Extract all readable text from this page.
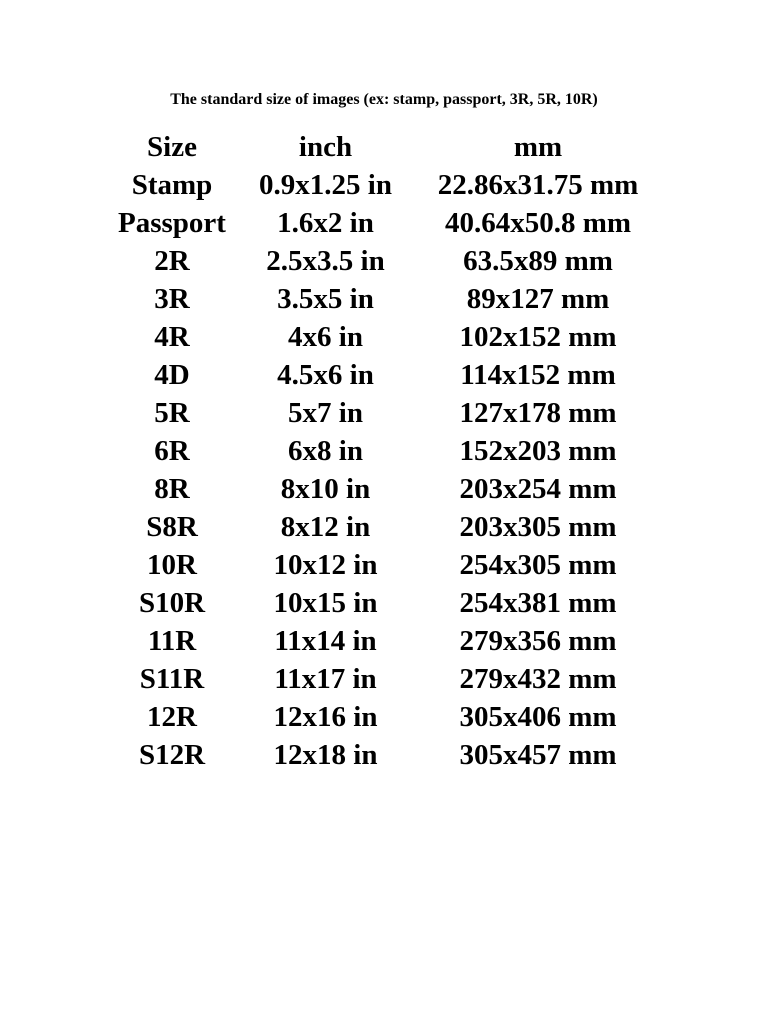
The standard size of images (ex: stamp, passport, 3R, 5R, 10R)
Size	inch	mm
Stamp	0.9x1.25 in	22.86x31.75 mm
Passport	1.6x2 in	40.64x50.8 mm
2R	2.5x3.5 in	63.5x89 mm
3R	3.5x5 in	89x127 mm
4R	4x6 in	102x152 mm
4D	4.5x6 in	114x152 mm
5R	5x7 in	127x178 mm
6R	6x8 in	152x203 mm
8R	8x10 in	203x254 mm
S8R	8x12 in	203x305 mm
10R	10x12 in	254x305 mm
S10R	10x15 in	254x381 mm
11R	11x14 in	279x356 mm
S11R	11x17 in	279x432 mm
12R	12x16 in	305x406 mm
S12R	12x18 in	305x457 mm
